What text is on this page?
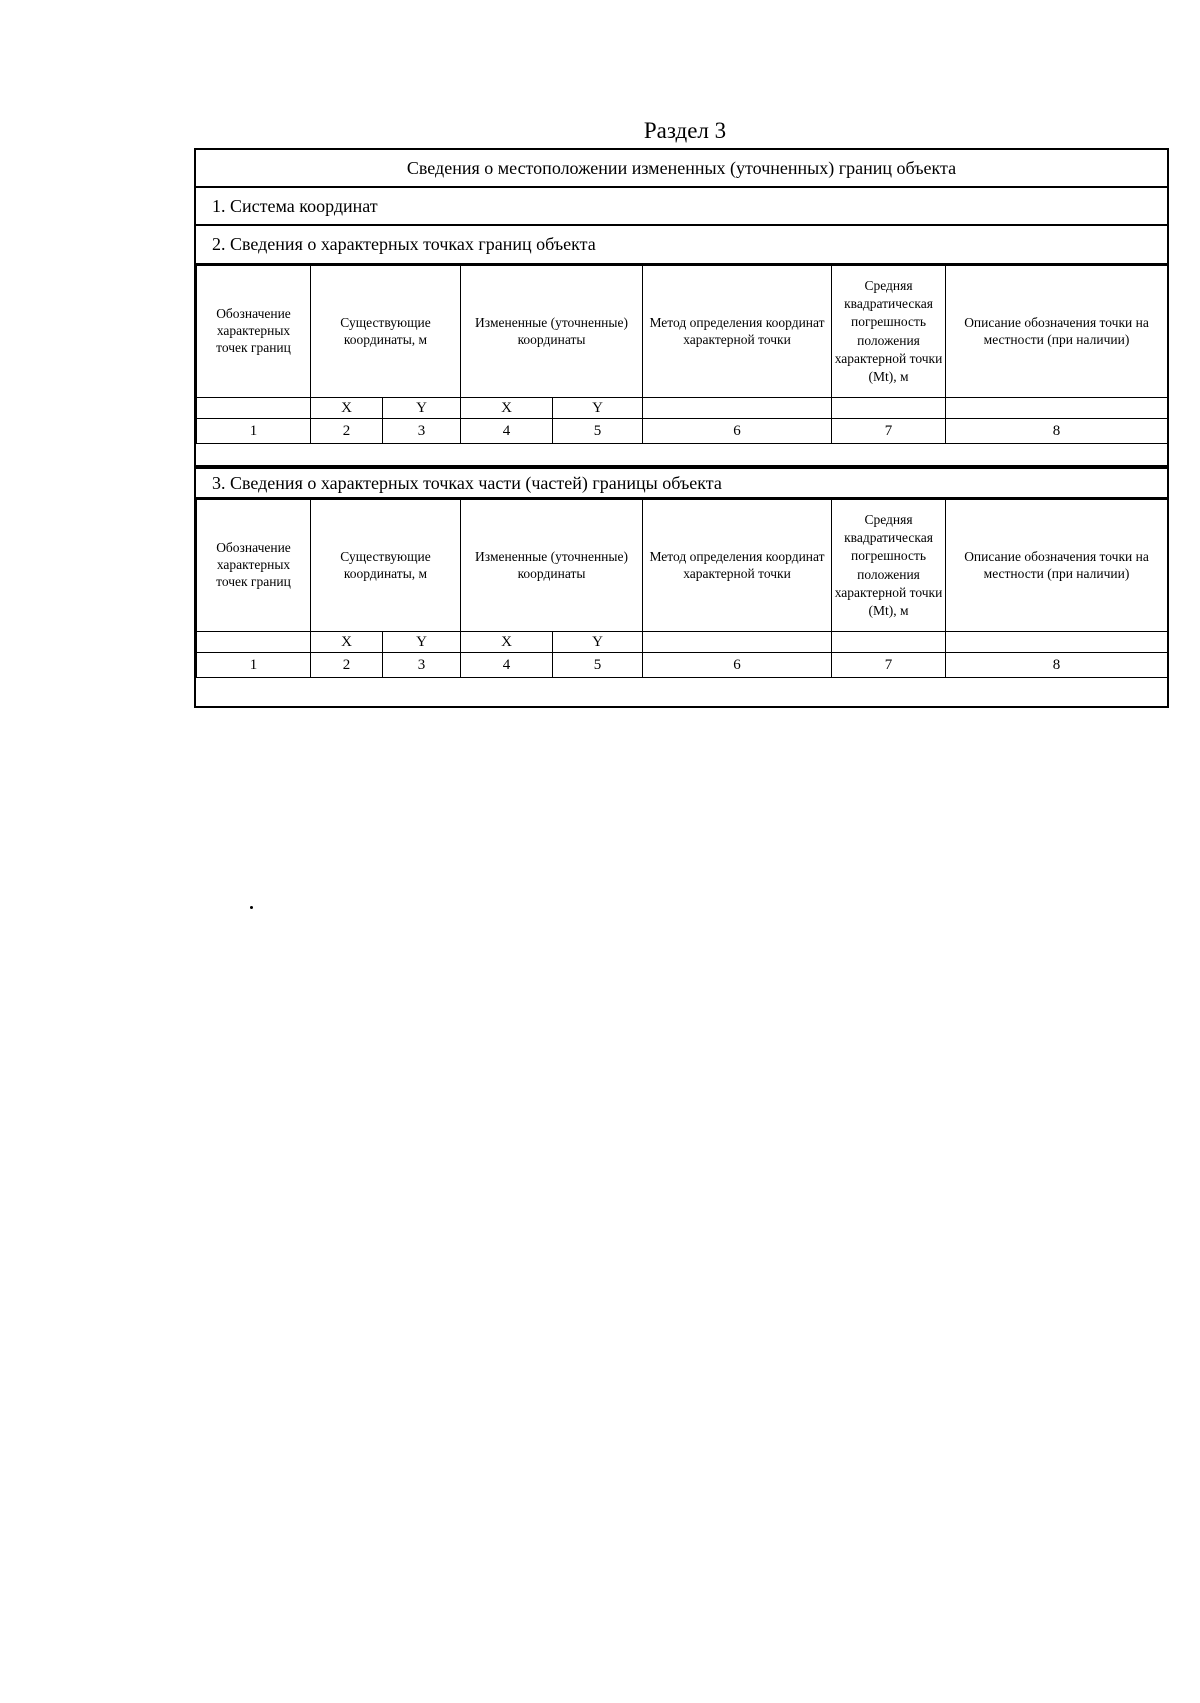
Раздел 3
Сведения о местоположении измененных (уточненных) границ объекта
1. Система координат
2. Сведения о характерных точках границ объекта
Обозначение характерных точек границ	Существующие координаты, м		Измененные (уточненные) координаты		Метод определения координат характерной точки	Средняя квадратическая погрешность положения характерной точки (Mt), м	Описание обозначения точки на местности (при наличии)
	X	Y	X	Y			
1	2	3	4	5	6	7	8
3. Сведения о характерных точках части (частей) границы объекта
Обозначение характерных точек границ	Существующие координаты, м		Измененные (уточненные) координаты		Метод определения координат характерной точки	Средняя квадратическая погрешность положения характерной точки (Mt), м	Описание обозначения точки на местности (при наличии)
	X	Y	X	Y			
1	2	3	4	5	6	7	8
